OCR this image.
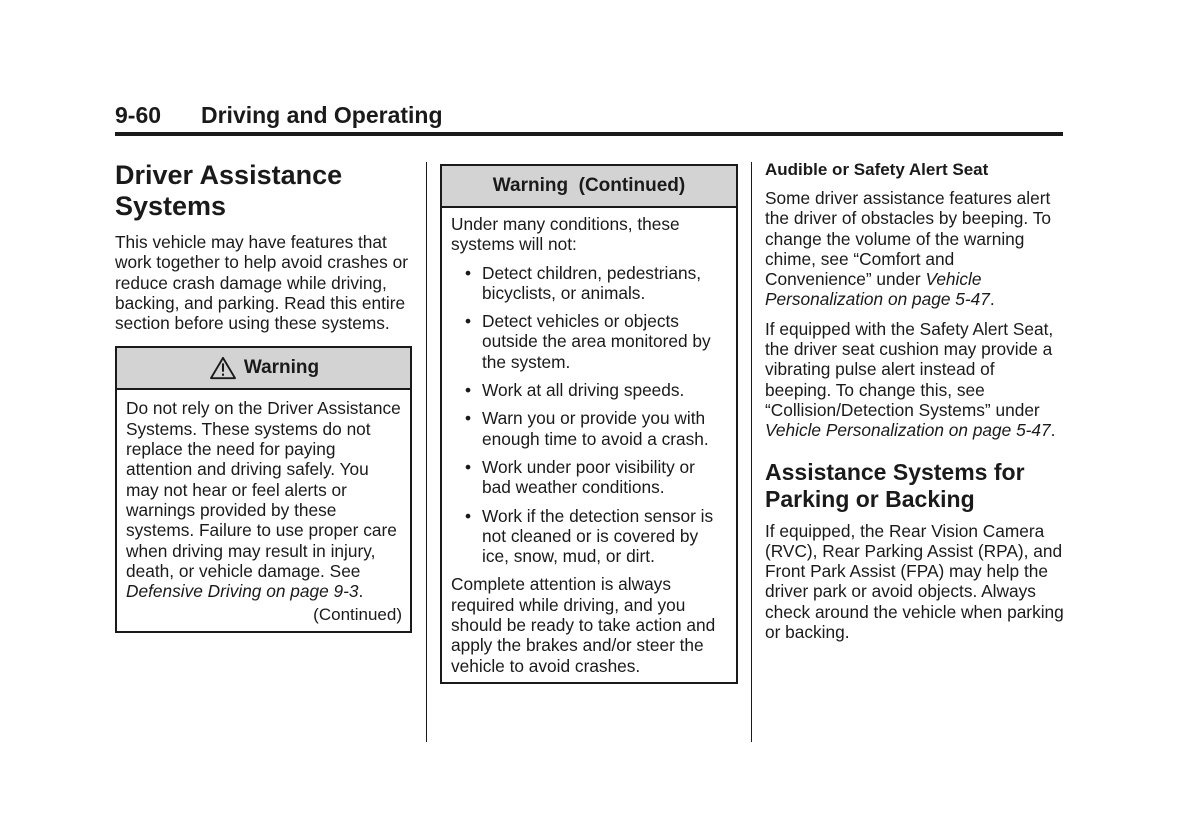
9-60 Driving and Operating
Driver Assistance
Systems

This vehicle may have features that work together to help avoid crashes or reduce crash damage while driving, backing, and parking. Read this entire section before using these systems.

Warning

Do not rely on the Driver Assistance Systems. These systems do not replace the need for paying attention and driving safely. You may not hear or feel alerts or warnings provided by these systems. Failure to use proper care when driving may result in injury, death, or vehicle damage. See Defensive Driving on page 9-3.

(Continued)
Warning  (Continued)

Under many conditions, these systems will not:

• Detect children, pedestrians, bicyclists, or animals.
• Detect vehicles or objects outside the area monitored by the system.
• Work at all driving speeds.
• Warn you or provide you with enough time to avoid a crash.
• Work under poor visibility or bad weather conditions.
• Work if the detection sensor is not cleaned or is covered by ice, snow, mud, or dirt.

Complete attention is always required while driving, and you should be ready to take action and apply the brakes and/or steer the vehicle to avoid crashes.

Audible or Safety Alert Seat

Some driver assistance features alert the driver of obstacles by beeping. To change the volume of the warning chime, see “Comfort and Convenience” under Vehicle Personalization on page 5-47.

If equipped with the Safety Alert Seat, the driver seat cushion may provide a vibrating pulse alert instead of beeping. To change this, see “Collision/Detection Systems” under Vehicle Personalization on page 5-47.

Assistance Systems for Parking or Backing

If equipped, the Rear Vision Camera (RVC), Rear Parking Assist (RPA), and Front Park Assist (FPA) may help the driver park or avoid objects. Always check around the vehicle when parking or backing.
